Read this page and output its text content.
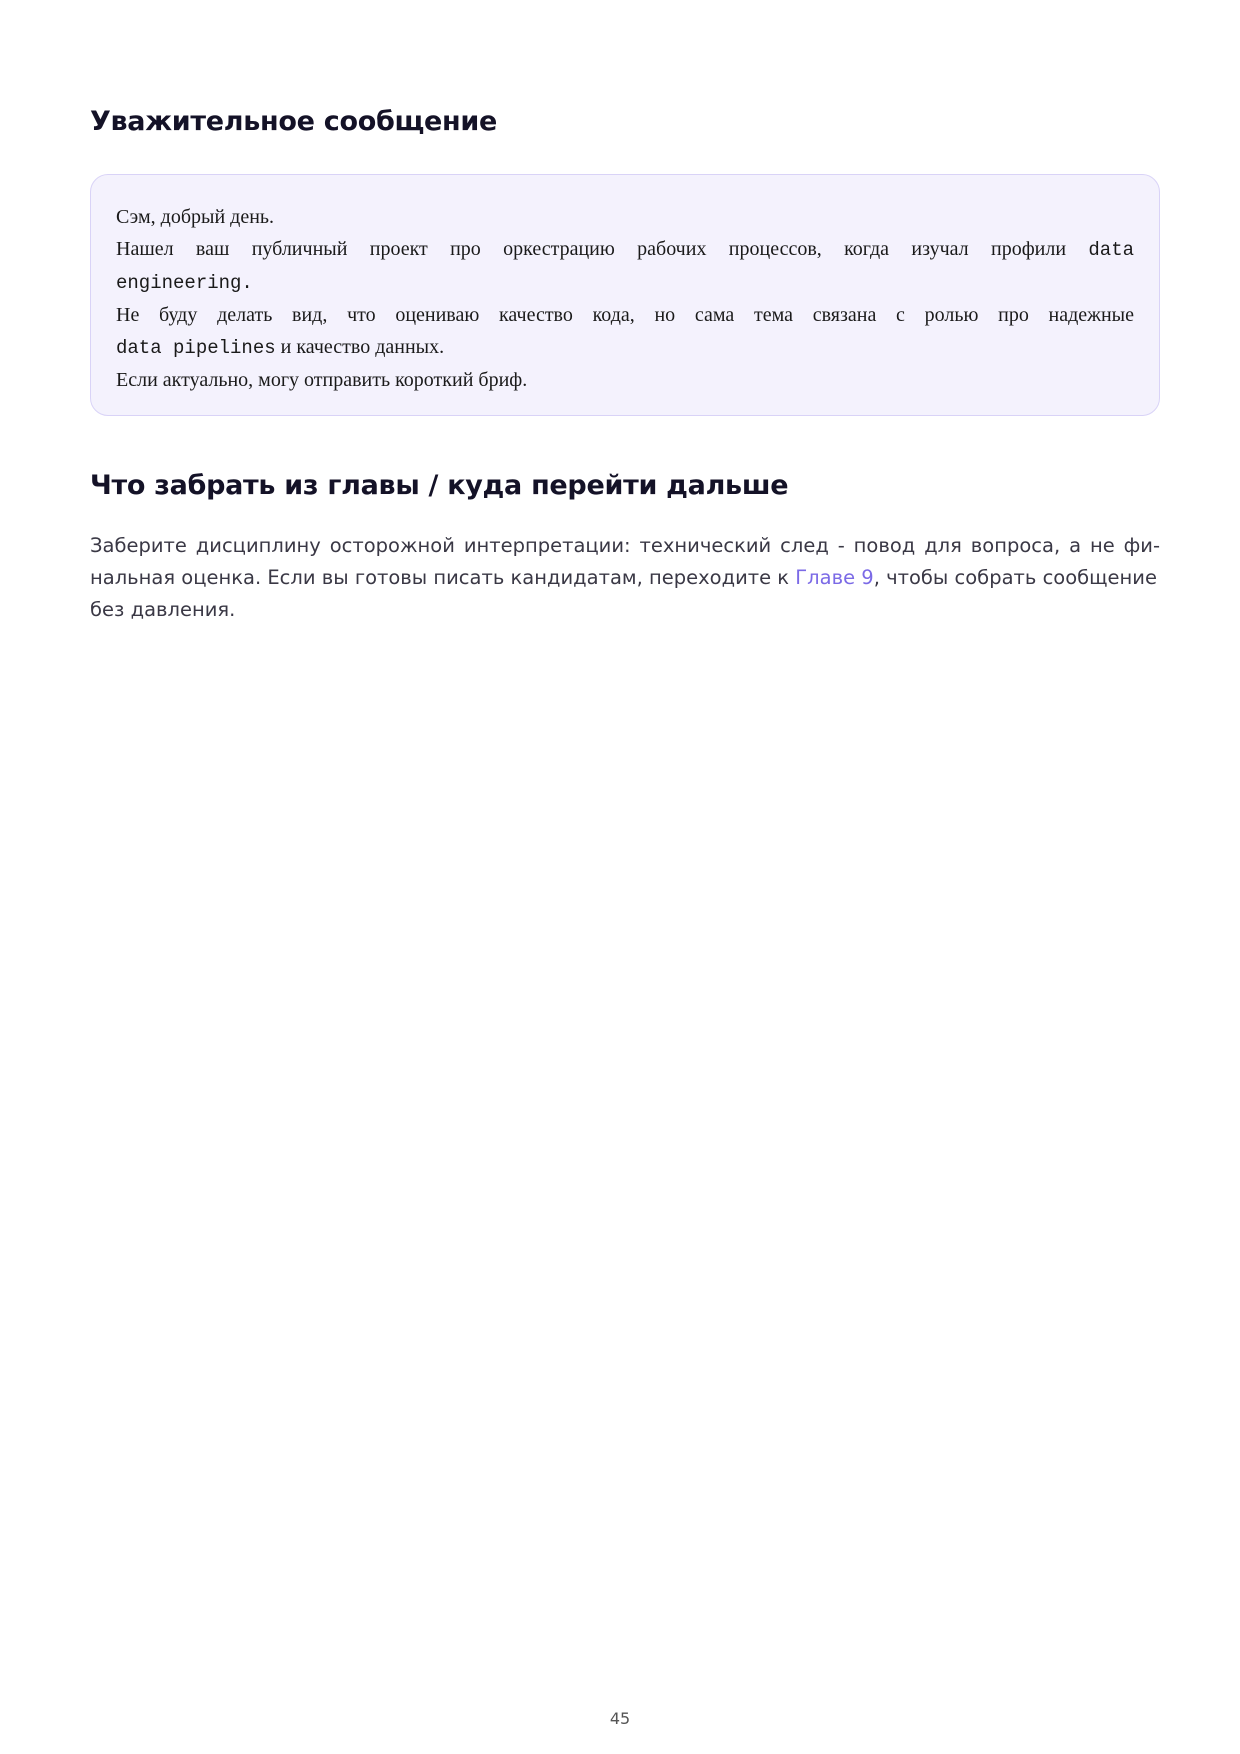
Уважительное сообщение
Сэм, добрый день.
Нашел ваш публичный проект про оркестрацию рабочих процессов, когда изучал профили data
engineering.
Не буду делать вид, что оцениваю качество кода, но сама тема связана с ролью про надежные
data pipelines и качество данных.
Если актуально, могу отправить короткий бриф.
Что забрать из главы / куда перейти дальше
Заберите дисциплину осторожной интерпретации: технический след - повод для вопроса, а не фи-
нальная оценка. Если вы готовы писать кандидатам, переходите к Главе 9, чтобы собрать сообщение
без давления.
45
